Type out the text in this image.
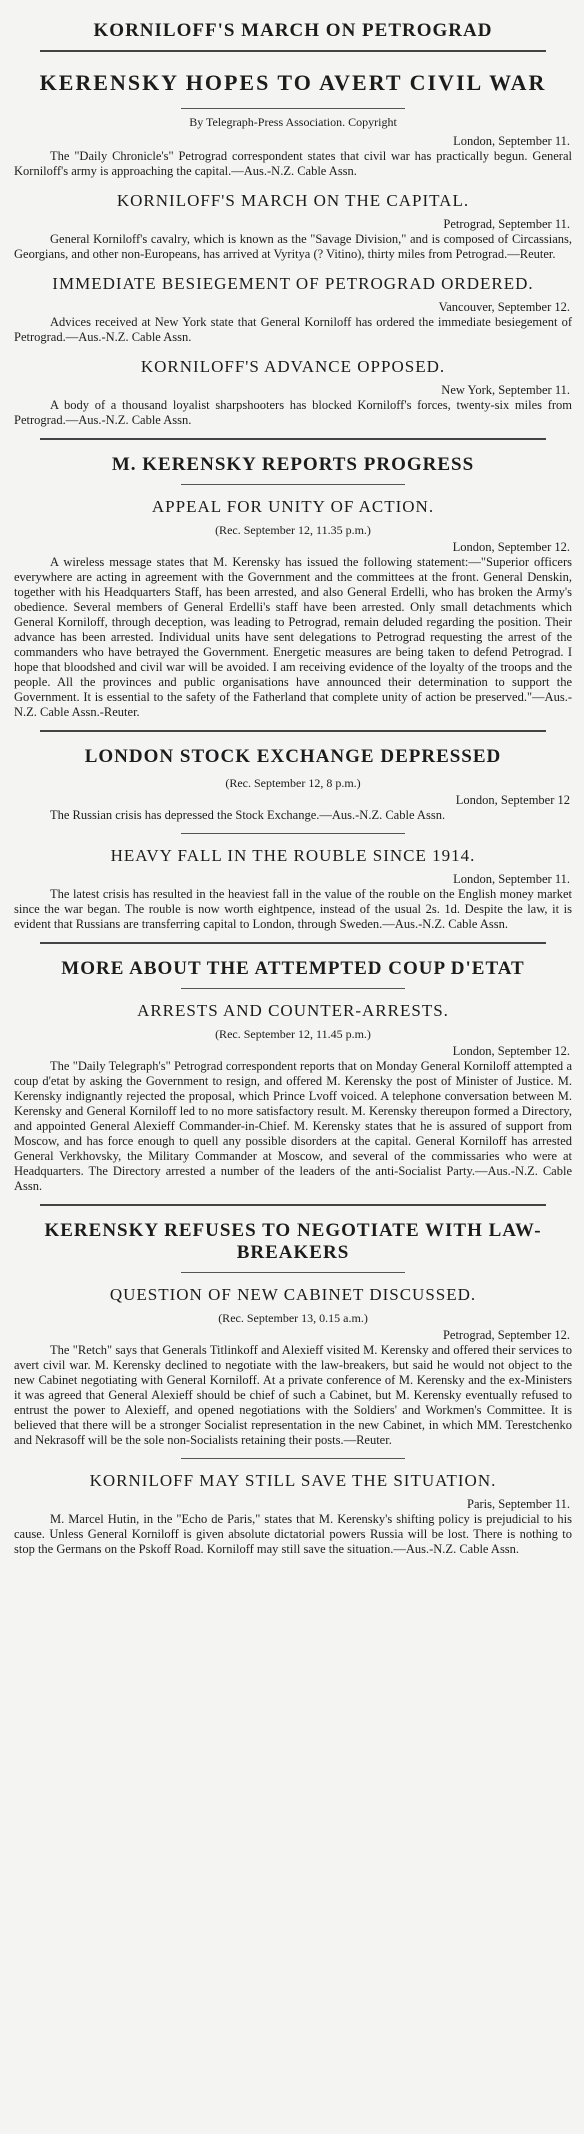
KORNILOFF'S MARCH ON PETROGRAD
KERENSKY HOPES TO AVERT CIVIL WAR
By Telegraph-Press Association. Copyright
London, September 11.

The "Daily Chronicle's" Petrograd correspondent states that civil war has practically begun. General Korniloff's army is approaching the capital.—Aus.-N.Z. Cable Assn.

KORNILOFF'S MARCH ON THE CAPITAL.
Petrograd, September 11.

General Korniloff's cavalry, which is known as the "Savage Division," and is composed of Circassians, Georgians, and other non-Europeans, has arrived at Vyritya (? Vitino), thirty miles from Petrograd.—Reuter.

IMMEDIATE BESIEGEMENT OF PETROGRAD ORDERED.
Vancouver, September 12.

Advices received at New York state that General Korniloff has ordered the immediate besiegement of Petrograd.—Aus.-N.Z. Cable Assn.

KORNILOFF'S ADVANCE OPPOSED.
New York, September 11.

A body of a thousand loyalist sharpshooters has blocked Korniloff's forces, twenty-six miles from Petrograd.—Aus.-N.Z. Cable Assn.

M. KERENSKY REPORTS PROGRESS
APPEAL FOR UNITY OF ACTION.
(Rec. September 12, 11.35 p.m.)
London, September 12.

A wireless message states that M. Kerensky has issued the following statement:—"Superior officers everywhere are acting in agreement with the Government and the committees at the front. General Denskin, together with his Headquarters Staff, has been arrested, and also General Erdelli, who has broken the Army's obedience. Several members of General Erdelli's staff have been arrested. Only small detachments which General Korniloff, through deception, was leading to Petrograd, remain deluded regarding the position. Their advance has been arrested. Individual units have sent delegations to Petrograd requesting the arrest of the commanders who have betrayed the Government. Energetic measures are being taken to defend Petrograd. I hope that bloodshed and civil war will be avoided. I am receiving evidence of the loyalty of the troops and the people. All the provinces and public organisations have announced their determination to support the Government. It is essential to the safety of the Fatherland that complete unity of action be preserved."—Aus.-N.Z. Cable Assn.-Reuter.

LONDON STOCK EXCHANGE DEPRESSED
(Rec. September 12, 8 p.m.)
London, September 12

The Russian crisis has depressed the Stock Exchange.—Aus.-N.Z. Cable Assn.

HEAVY FALL IN THE ROUBLE SINCE 1914.
London, September 11.

The latest crisis has resulted in the heaviest fall in the value of the rouble on the English money market since the war began. The rouble is now worth eightpence, instead of the usual 2s. 1d. Despite the law, it is evident that Russians are transferring capital to London, through Sweden.—Aus.-N.Z. Cable Assn.

MORE ABOUT THE ATTEMPTED COUP D'ETAT
ARRESTS AND COUNTER-ARRESTS.
(Rec. September 12, 11.45 p.m.)
London, September 12.

The "Daily Telegraph's" Petrograd correspondent reports that on Monday General Korniloff attempted a coup d'etat by asking the Government to resign, and offered M. Kerensky the post of Minister of Justice. M. Kerensky indignantly rejected the proposal, which Prince Lvoff voiced. A telephone conversation between M. Kerensky and General Korniloff led to no more satisfactory result. M. Kerensky thereupon formed a Directory, and appointed General Alexieff Commander-in-Chief. M. Kerensky states that he is assured of support from Moscow, and has force enough to quell any possible disorders at the capital. General Korniloff has arrested General Verkhovsky, the Military Commander at Moscow, and several of the commissaries who were at Headquarters. The Directory arrested a number of the leaders of the anti-Socialist Party.—Aus.-N.Z. Cable Assn.

KERENSKY REFUSES TO NEGOTIATE WITH LAW-BREAKERS
QUESTION OF NEW CABINET DISCUSSED.
(Rec. September 13, 0.15 a.m.)
Petrograd, September 12.

The "Retch" says that Generals Titlinkoff and Alexieff visited M. Kerensky and offered their services to avert civil war. M. Kerensky declined to negotiate with the law-breakers, but said he would not object to the new Cabinet negotiating with General Korniloff. At a private conference of M. Kerensky and the ex-Ministers it was agreed that General Alexieff should be chief of such a Cabinet, but M. Kerensky eventually refused to entrust the power to Alexieff, and opened negotiations with the Soldiers' and Workmen's Committee. It is believed that there will be a stronger Socialist representation in the new Cabinet, in which MM. Terestchenko and Nekrasoff will be the sole non-Socialists retaining their posts.—Reuter.

KORNILOFF MAY STILL SAVE THE SITUATION.
Paris, September 11.

M. Marcel Hutin, in the "Echo de Paris," states that M. Kerensky's shifting policy is prejudicial to his cause. Unless General Korniloff is given absolute dictatorial powers Russia will be lost. There is nothing to stop the Germans on the Pskoff Road. Korniloff may still save the situation.—Aus.-N.Z. Cable Assn.
